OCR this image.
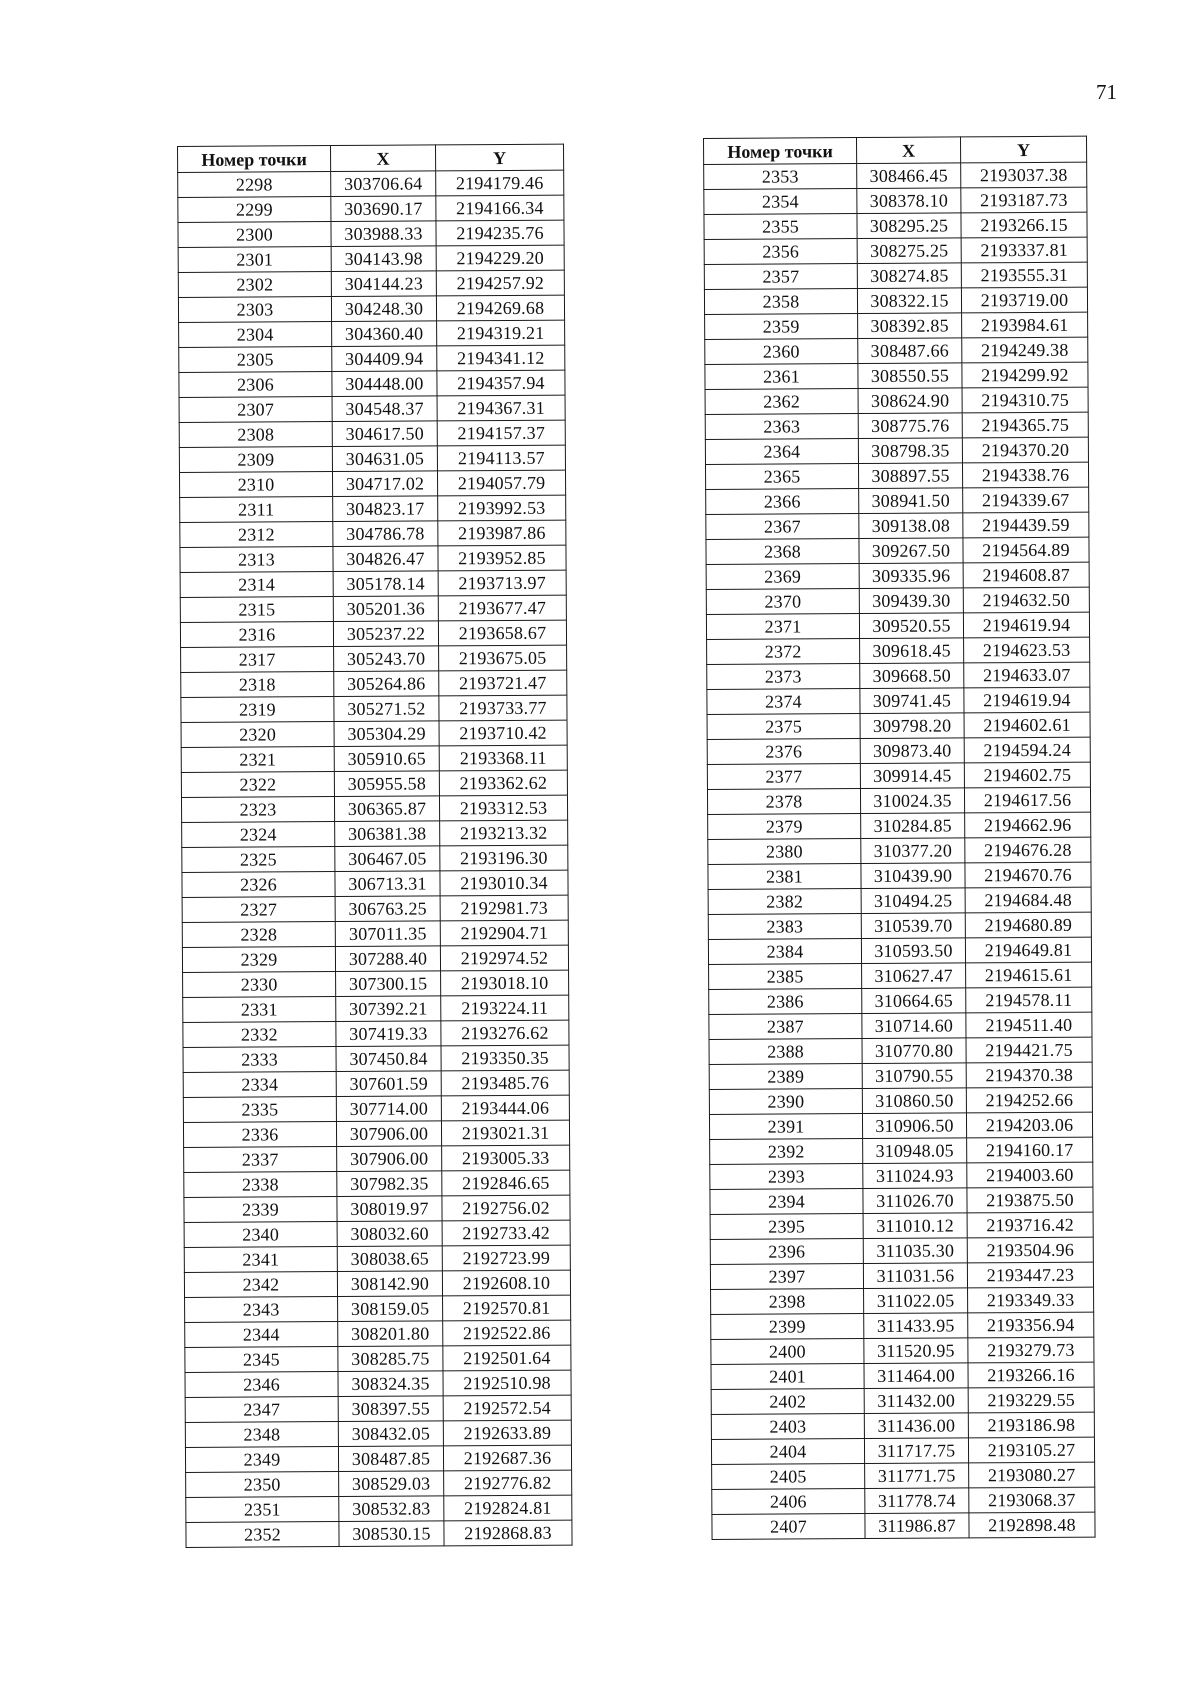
71
Номер точки	X	Y
2298	303706.64	2194179.46
2299	303690.17	2194166.34
2300	303988.33	2194235.76
2301	304143.98	2194229.20
2302	304144.23	2194257.92
2303	304248.30	2194269.68
2304	304360.40	2194319.21
2305	304409.94	2194341.12
2306	304448.00	2194357.94
2307	304548.37	2194367.31
2308	304617.50	2194157.37
2309	304631.05	2194113.57
2310	304717.02	2194057.79
2311	304823.17	2193992.53
2312	304786.78	2193987.86
2313	304826.47	2193952.85
2314	305178.14	2193713.97
2315	305201.36	2193677.47
2316	305237.22	2193658.67
2317	305243.70	2193675.05
2318	305264.86	2193721.47
2319	305271.52	2193733.77
2320	305304.29	2193710.42
2321	305910.65	2193368.11
2322	305955.58	2193362.62
2323	306365.87	2193312.53
2324	306381.38	2193213.32
2325	306467.05	2193196.30
2326	306713.31	2193010.34
2327	306763.25	2192981.73
2328	307011.35	2192904.71
2329	307288.40	2192974.52
2330	307300.15	2193018.10
2331	307392.21	2193224.11
2332	307419.33	2193276.62
2333	307450.84	2193350.35
2334	307601.59	2193485.76
2335	307714.00	2193444.06
2336	307906.00	2193021.31
2337	307906.00	2193005.33
2338	307982.35	2192846.65
2339	308019.97	2192756.02
2340	308032.60	2192733.42
2341	308038.65	2192723.99
2342	308142.90	2192608.10
2343	308159.05	2192570.81
2344	308201.80	2192522.86
2345	308285.75	2192501.64
2346	308324.35	2192510.98
2347	308397.55	2192572.54
2348	308432.05	2192633.89
2349	308487.85	2192687.36
2350	308529.03	2192776.82
2351	308532.83	2192824.81
2352	308530.15	2192868.83
Номер точки	X	Y
2353	308466.45	2193037.38
2354	308378.10	2193187.73
2355	308295.25	2193266.15
2356	308275.25	2193337.81
2357	308274.85	2193555.31
2358	308322.15	2193719.00
2359	308392.85	2193984.61
2360	308487.66	2194249.38
2361	308550.55	2194299.92
2362	308624.90	2194310.75
2363	308775.76	2194365.75
2364	308798.35	2194370.20
2365	308897.55	2194338.76
2366	308941.50	2194339.67
2367	309138.08	2194439.59
2368	309267.50	2194564.89
2369	309335.96	2194608.87
2370	309439.30	2194632.50
2371	309520.55	2194619.94
2372	309618.45	2194623.53
2373	309668.50	2194633.07
2374	309741.45	2194619.94
2375	309798.20	2194602.61
2376	309873.40	2194594.24
2377	309914.45	2194602.75
2378	310024.35	2194617.56
2379	310284.85	2194662.96
2380	310377.20	2194676.28
2381	310439.90	2194670.76
2382	310494.25	2194684.48
2383	310539.70	2194680.89
2384	310593.50	2194649.81
2385	310627.47	2194615.61
2386	310664.65	2194578.11
2387	310714.60	2194511.40
2388	310770.80	2194421.75
2389	310790.55	2194370.38
2390	310860.50	2194252.66
2391	310906.50	2194203.06
2392	310948.05	2194160.17
2393	311024.93	2194003.60
2394	311026.70	2193875.50
2395	311010.12	2193716.42
2396	311035.30	2193504.96
2397	311031.56	2193447.23
2398	311022.05	2193349.33
2399	311433.95	2193356.94
2400	311520.95	2193279.73
2401	311464.00	2193266.16
2402	311432.00	2193229.55
2403	311436.00	2193186.98
2404	311717.75	2193105.27
2405	311771.75	2193080.27
2406	311778.74	2193068.37
2407	311986.87	2192898.48
